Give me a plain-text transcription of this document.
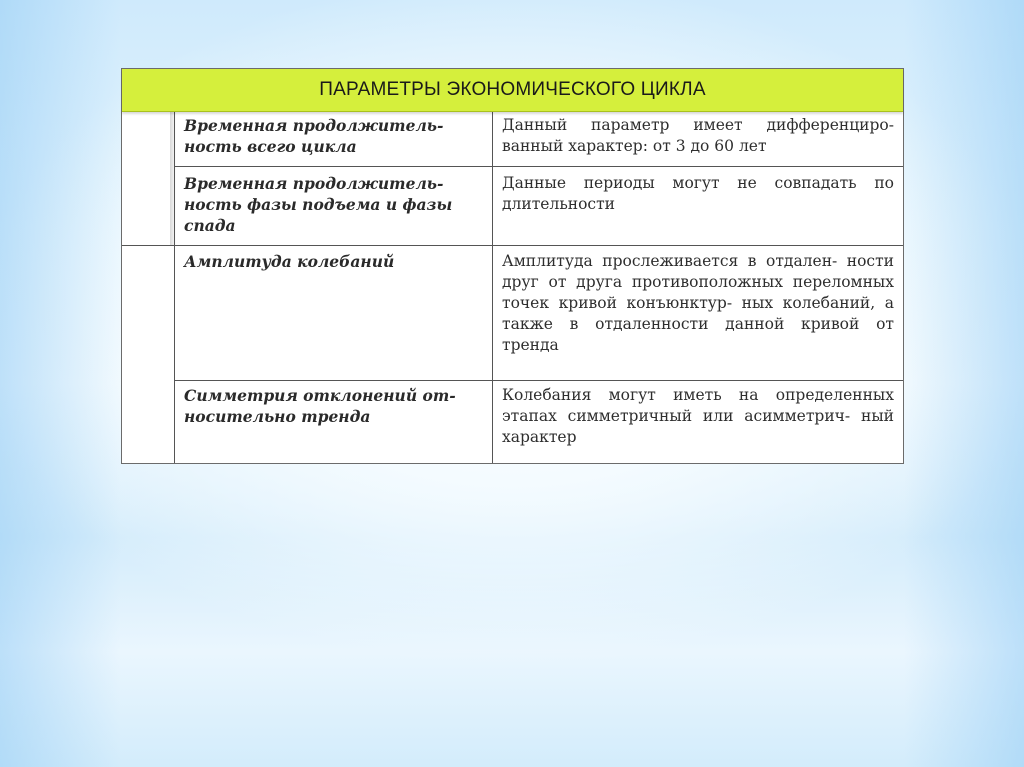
ПАРАМЕТРЫ ЭКОНОМИЧЕСКОГО ЦИКЛА
Временная продолжитель- ность всего цикла
Данный параметр имеет дифференциро- ванный характер: от 3 до 60 лет
Временная продолжитель- ность фазы подъема и фазы спада
Данные периоды могут не совпадать по длительности
Амплитуда колебаний	Амплитуда прослеживается в отдален- ности друг от друга противоположных переломных точек кривой конъюнктур- ных колебаний, а также в отдаленности данной кривой от тренда
Симметрия отклонений от- носительно тренда
Колебания могут иметь на определенных этапах симметричный или асимметрич- ный характер
